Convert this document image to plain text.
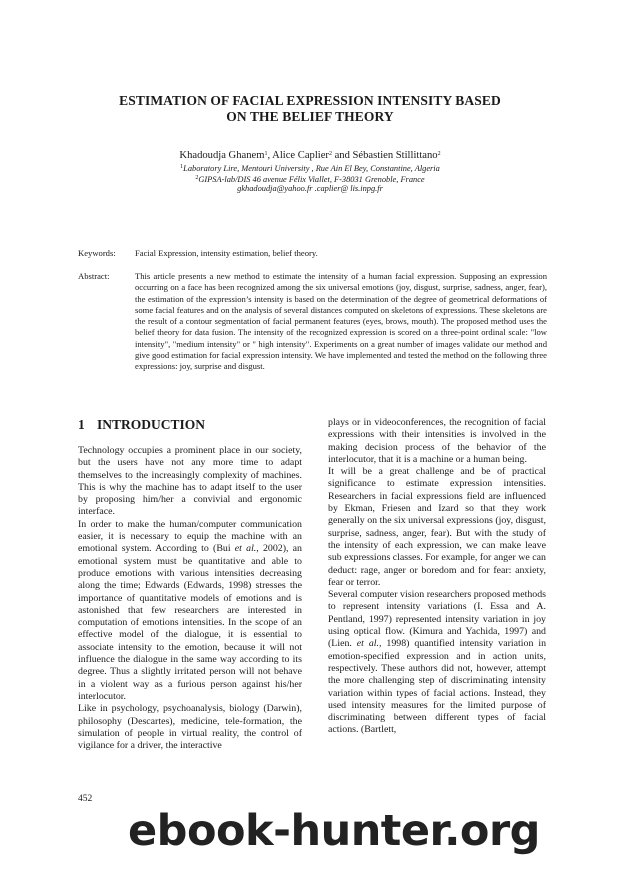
ESTIMATION OF FACIAL EXPRESSION INTENSITY BASED
ON THE BELIEF THEORY
Khadoudja Ghanem$^1$, Alice Caplier$^2$ and Sébastien Stillittano$^2$
$^1$Laboratory Lire, Mentouri University , Rue Ain El Bey, Constantine, Algeria
$^2$GIPSA-lab/DIS 46 avenue Félix Viallet, F-38031 Grenoble, France
gkhadoudja@yahoo.fr .caplier@ lis.inpg.fr
Keywords:	Facial Expression, intensity estimation, belief theory.
Abstract:	This article presents a new method to estimate the intensity of a human facial expression. Supposing an expression occurring on a face has been recognized among the six universal emotions (joy, disgust, surprise, sadness, anger, fear), the estimation of the expression’s intensity is based on the determination of the degree of geometrical deformations of some facial features and on the analysis of several distances computed on skeletons of expressions. These skeletons are the result of a contour segmentation of facial permanent features (eyes, brows, mouth). The proposed method uses the belief theory for data fusion. The intensity of the recognized expression is scored on a three-point ordinal scale: "low intensity", "medium intensity" or " high intensity". Experiments on a great number of images validate our method and give good estimation for facial expression intensity. We have implemented and tested the method on the following three expressions: joy, surprise and disgust.

1 INTRODUCTION

Technology occupies a prominent place in our society, but the users have not any more time to adapt themselves to the increasingly complexity of machines. This is why the machine has to adapt itself to the user by proposing him/her a convivial and ergonomic interface.

In order to make the human/computer communication easier, it is necessary to equip the machine with an emotional system. According to (Bui et al., 2002), an emotional system must be quantitative and able to produce emotions with various intensities decreasing along the time; Edwards (Edwards, 1998) stresses the importance of quantitative models of emotions and is astonished that few researchers are interested in computation of emotions intensities. In the scope of an effective model of the dialogue, it is essential to associate intensity to the emotion, because it will not influence the dialogue in the same way according to its degree. Thus a slightly irritated person will not behave in a violent way as a furious person against his/her interlocutor.

Like in psychology, psychoanalysis, biology (Darwin), philosophy (Descartes), medicine, tele-formation, the simulation of people in virtual reality, the control of vigilance for a driver, the interactive

plays or in videoconferences, the recognition of facial expressions with their intensities is involved in the making decision process of the behavior of the interlocutor, that it is a machine or a human being.

It will be a great challenge and be of practical significance to estimate expression intensities. Researchers in facial expressions field are influenced by Ekman, Friesen and Izard so that they work generally on the six universal expressions (joy, disgust, surprise, sadness, anger, fear). But with the study of the intensity of each expression, we can make leave sub expressions classes. For example, for anger we can deduct: rage, anger or boredom and for fear: anxiety, fear or terror.

Several computer vision researchers proposed methods to represent intensity variations (I. Essa and A. Pentland, 1997) represented intensity variation in joy using optical flow. (Kimura and Yachida, 1997) and (Lien. et al., 1998) quantified intensity variation in emotion-specified expression and in action units, respectively. These authors did not, however, attempt the more challenging step of discriminating intensity variation within types of facial actions. Instead, they used intensity measures for the limited purpose of discriminating between different types of facial actions. (Bartlett,

452
ebook-hunter.org
